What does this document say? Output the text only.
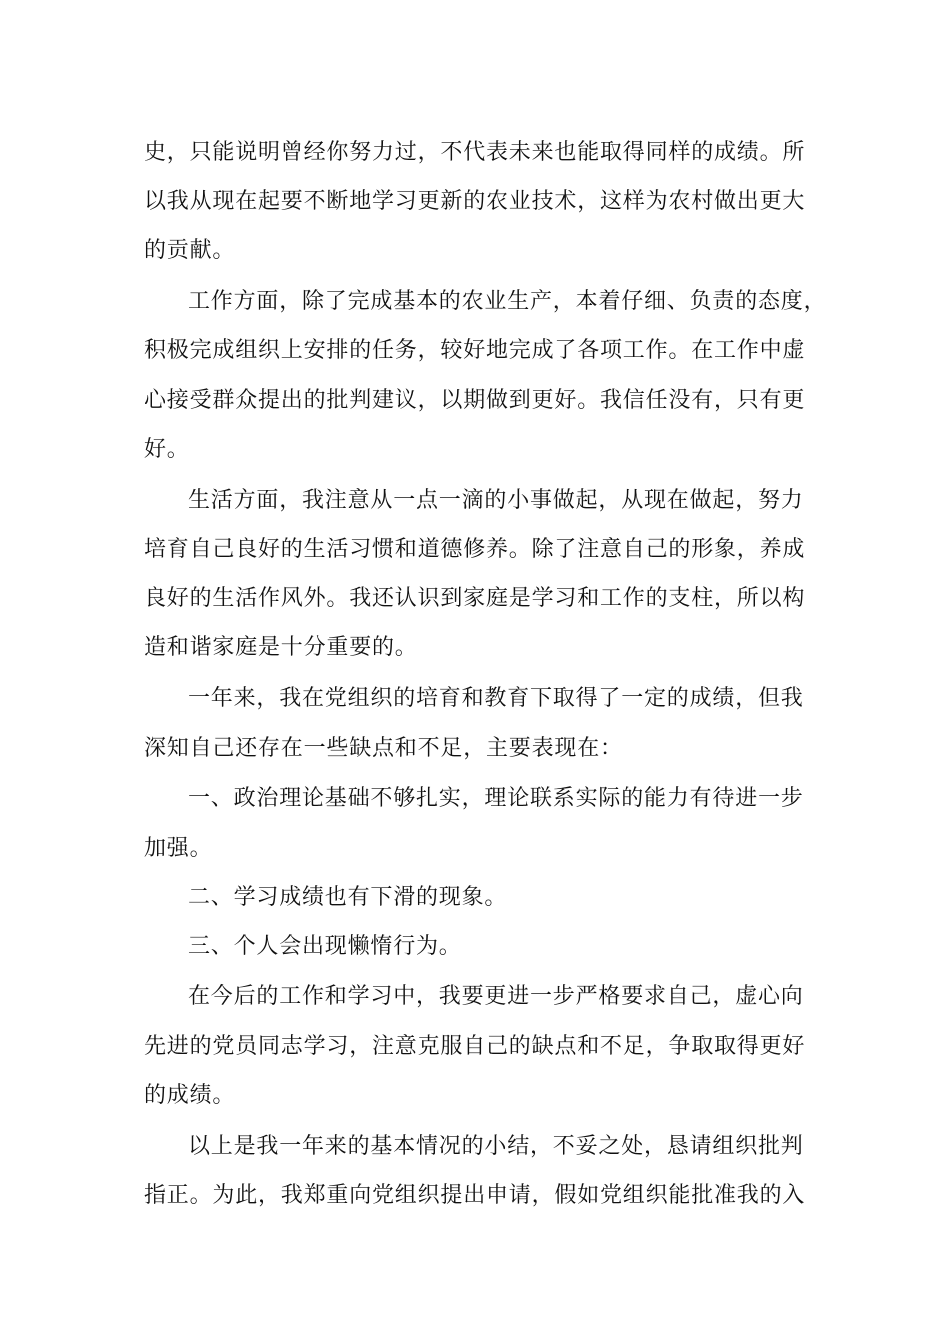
史，只能说明曾经你努力过，不代表未来也能取得同样的成绩。所
以我从现在起要不断地学习更新的农业技术，这样为农村做出更大
的贡献。
工作方面，除了完成基本的农业生产，本着仔细、负责的态度，
积极完成组织上安排的任务，较好地完成了各项工作。在工作中虚
心接受群众提出的批判建议，以期做到更好。我信任没有，只有更
好。
生活方面，我注意从一点一滴的小事做起，从现在做起，努力
培育自己良好的生活习惯和道德修养。除了注意自己的形象，养成
良好的生活作风外。我还认识到家庭是学习和工作的支柱，所以构
造和谐家庭是十分重要的。
一年来，我在党组织的培育和教育下取得了一定的成绩，但我
深知自己还存在一些缺点和不足，主要表现在：
一、政治理论基础不够扎实，理论联系实际的能力有待进一步
加强。
二、学习成绩也有下滑的现象。
三、个人会出现懒惰行为。
在今后的工作和学习中，我要更进一步严格要求自己，虚心向
先进的党员同志学习，注意克服自己的缺点和不足，争取取得更好
的成绩。
以上是我一年来的基本情况的小结，不妥之处，恳请组织批判
指正。为此，我郑重向党组织提出申请，假如党组织能批准我的入
